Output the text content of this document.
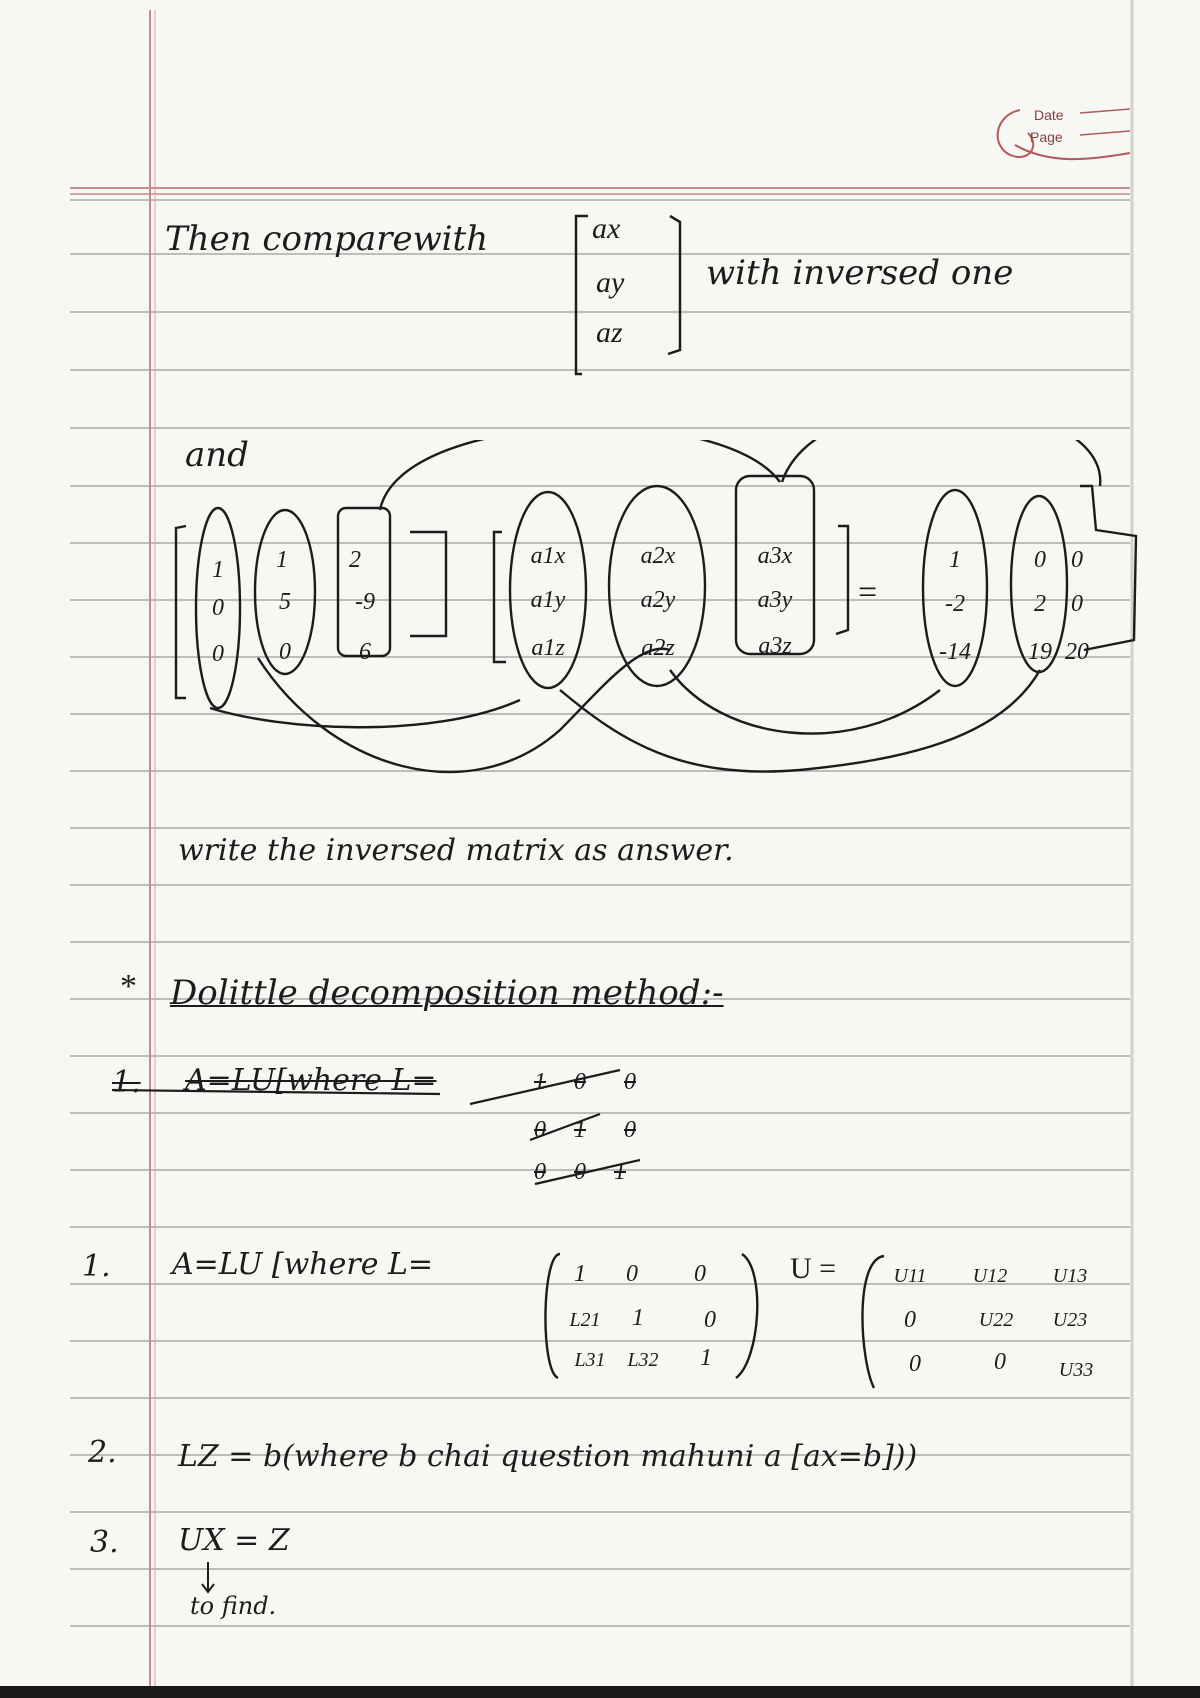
Date
Page
Then comparewith	ax
ay
az
with inversed one
and
1	1	2
0	5	-9
0	0	6
a1x	a2x	a3x
a1y	a2y	a3y
a1z	a2z	a3z
=
1	0	0
-2	2	0
-14	19 20
write the inversed matrix as answer.
* Dolittle decomposition method:-
1. A=LU[where L=	1	0	0
0	1	0
0	0	1
1. A=LU [where L=	1	0	0
L21	1	0
L31	L32	1
U =	U11	U12	U13
0	U22	U23
0	0	U33
2. LZ = b(where b chai question mahuni a [ax=b]))
3. UX = Z
to find.
